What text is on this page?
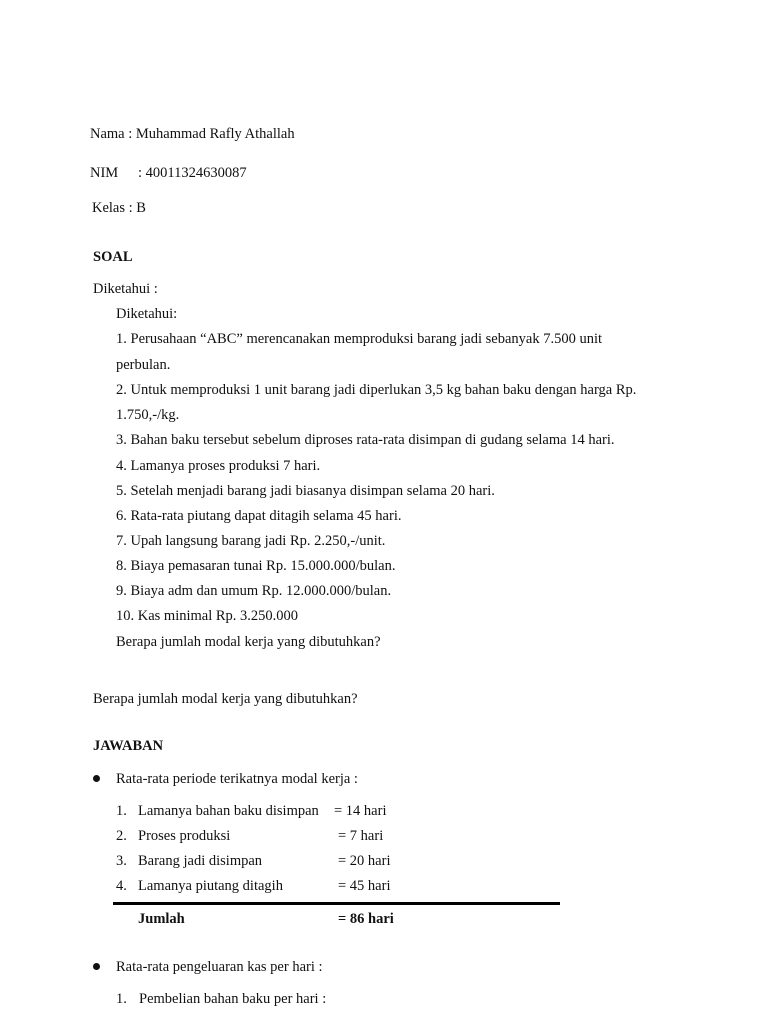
Nama : Muhammad Rafly Athallah
NIM : 40011324630087
Kelas : B
SOAL
Diketahui :
Diketahui:
1. Perusahaan “ABC” merencanakan memproduksi barang jadi sebanyak 7.500 unit
perbulan.
2. Untuk memproduksi 1 unit barang jadi diperlukan 3,5 kg bahan baku dengan harga Rp.
1.750,-/kg.
3. Bahan baku tersebut sebelum diproses rata-rata disimpan di gudang selama 14 hari.
4. Lamanya proses produksi 7 hari.
5. Setelah menjadi barang jadi biasanya disimpan selama 20 hari.
6. Rata-rata piutang dapat ditagih selama 45 hari.
7. Upah langsung barang jadi Rp. 2.250,-/unit.
8. Biaya pemasaran tunai Rp. 15.000.000/bulan.
9. Biaya adm dan umum Rp. 12.000.000/bulan.
10. Kas minimal Rp. 3.250.000
Berapa jumlah modal kerja yang dibutuhkan?
Berapa jumlah modal kerja yang dibutuhkan?
JAWABAN
Rata-rata periode terikatnya modal kerja :
1. Lamanya bahan baku disimpan = 14 hari
2. Proses produksi	= 7 hari
3. Barang jadi disimpan	= 20 hari
4. Lamanya piutang ditagih	= 45 hari
Jumlah	= 86 hari
Rata-rata pengeluaran kas per hari :
1. Pembelian bahan baku per hari :
